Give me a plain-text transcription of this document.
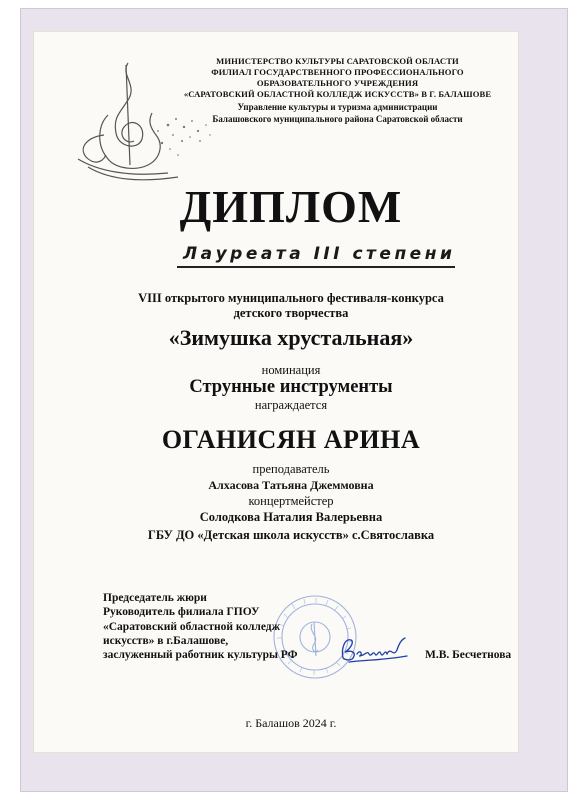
МИНИСТЕРСТВО КУЛЬТУРЫ САРАТОВСКОЙ ОБЛАСТИ
ФИЛИАЛ ГОСУДАРСТВЕННОГО ПРОФЕССИОНАЛЬНОГО ОБРАЗОВАТЕЛЬНОГО УЧРЕЖДЕНИЯ
«САРАТОВСКИЙ ОБЛАСТНОЙ КОЛЛЕДЖ ИСКУССТВ» В Г. БАЛАШОВЕ
Управление культуры и туризма администрации
Балашовского муниципального района Саратовской области
ДИПЛОМ
Лауреата III степени
VIII открытого муниципального фестиваля-конкурса
детского творчества
«Зимушка хрустальная»
номинация
Струнные инструменты
награждается
ОГАНИСЯН АРИНА
преподаватель
Алхасова Татьяна Джеммовна
концертмейстер
Солодкова Наталия Валерьевна
ГБУ ДО «Детская школа искусств» с.Святославка
Председатель жюри
Руководитель филиала ГПОУ
«Саратовский областной колледж
искусств» в г.Балашове,
заслуженный работник культуры РФ	М.В. Бесчетнова
г. Балашов 2024 г.
